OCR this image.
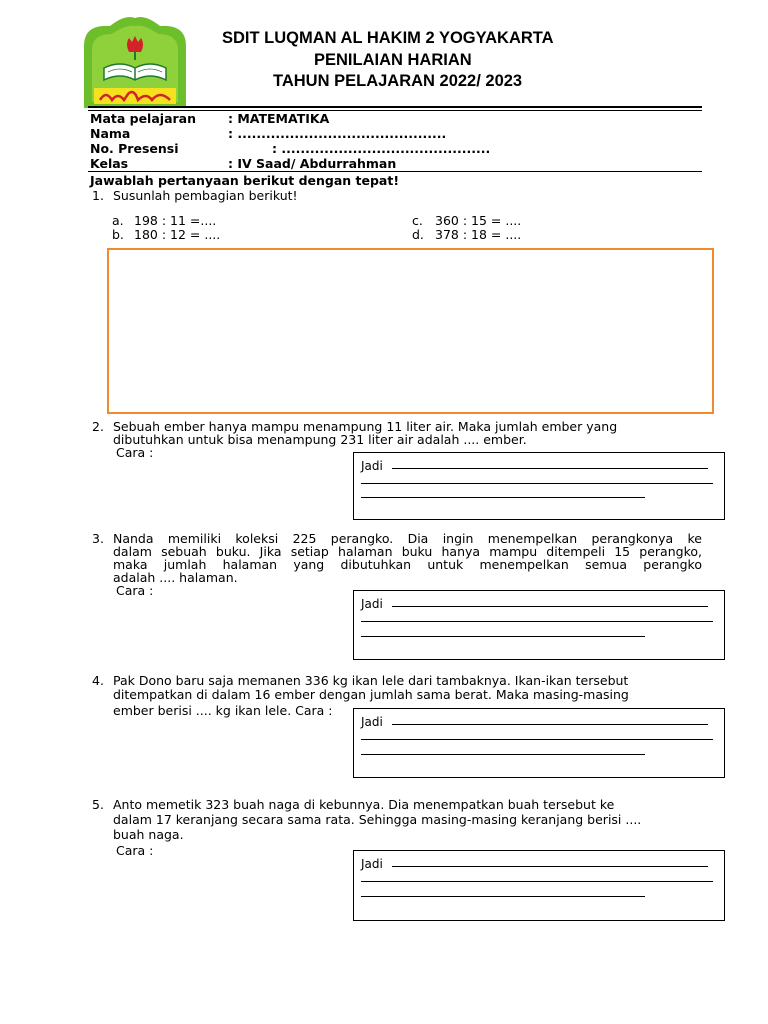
SDIT LUQMAN AL HAKIM 2 YOGYAKARTA
PENILAIAN HARIAN
TAHUN PELAJARAN 2022/ 2023
Mata pelajaran	: MATEMATIKA
Nama	: ............................................
No. Presensi	: ............................................
Kelas	: IV Saad/ Abdurrahman
Jawablah pertanyaan berikut dengan tepat!
1. Susunlah pembagian berikut!
a. 198 : 11 =....
b. 180 : 12 = ....
c. 360 : 15 = ....
d. 378 : 18 = ....
2. Sebuah ember hanya mampu menampung 11 liter air. Maka jumlah ember yang
dibutuhkan untuk bisa menampung 231 liter air adalah .... ember.
Cara :
Jadi
3. Nanda memiliki koleksi 225 perangko. Dia ingin menempelkan perangkonya ke
dalam sebuah buku. Jika setiap halaman buku hanya mampu ditempeli 15 perangko,
maka jumlah halaman yang dibutuhkan untuk menempelkan semua perangko
adalah .... halaman.
Cara :
Jadi
4. Pak Dono baru saja memanen 336 kg ikan lele dari tambaknya. Ikan-ikan tersebut
ditempatkan di dalam 16 ember dengan jumlah sama berat. Maka masing-masing
ember berisi .... kg ikan lele. Cara :
Jadi
5. Anto memetik 323 buah naga di kebunnya. Dia menempatkan buah tersebut ke
dalam 17 keranjang secara sama rata. Sehingga masing-masing keranjang berisi ....
buah naga.
Cara :
Jadi
